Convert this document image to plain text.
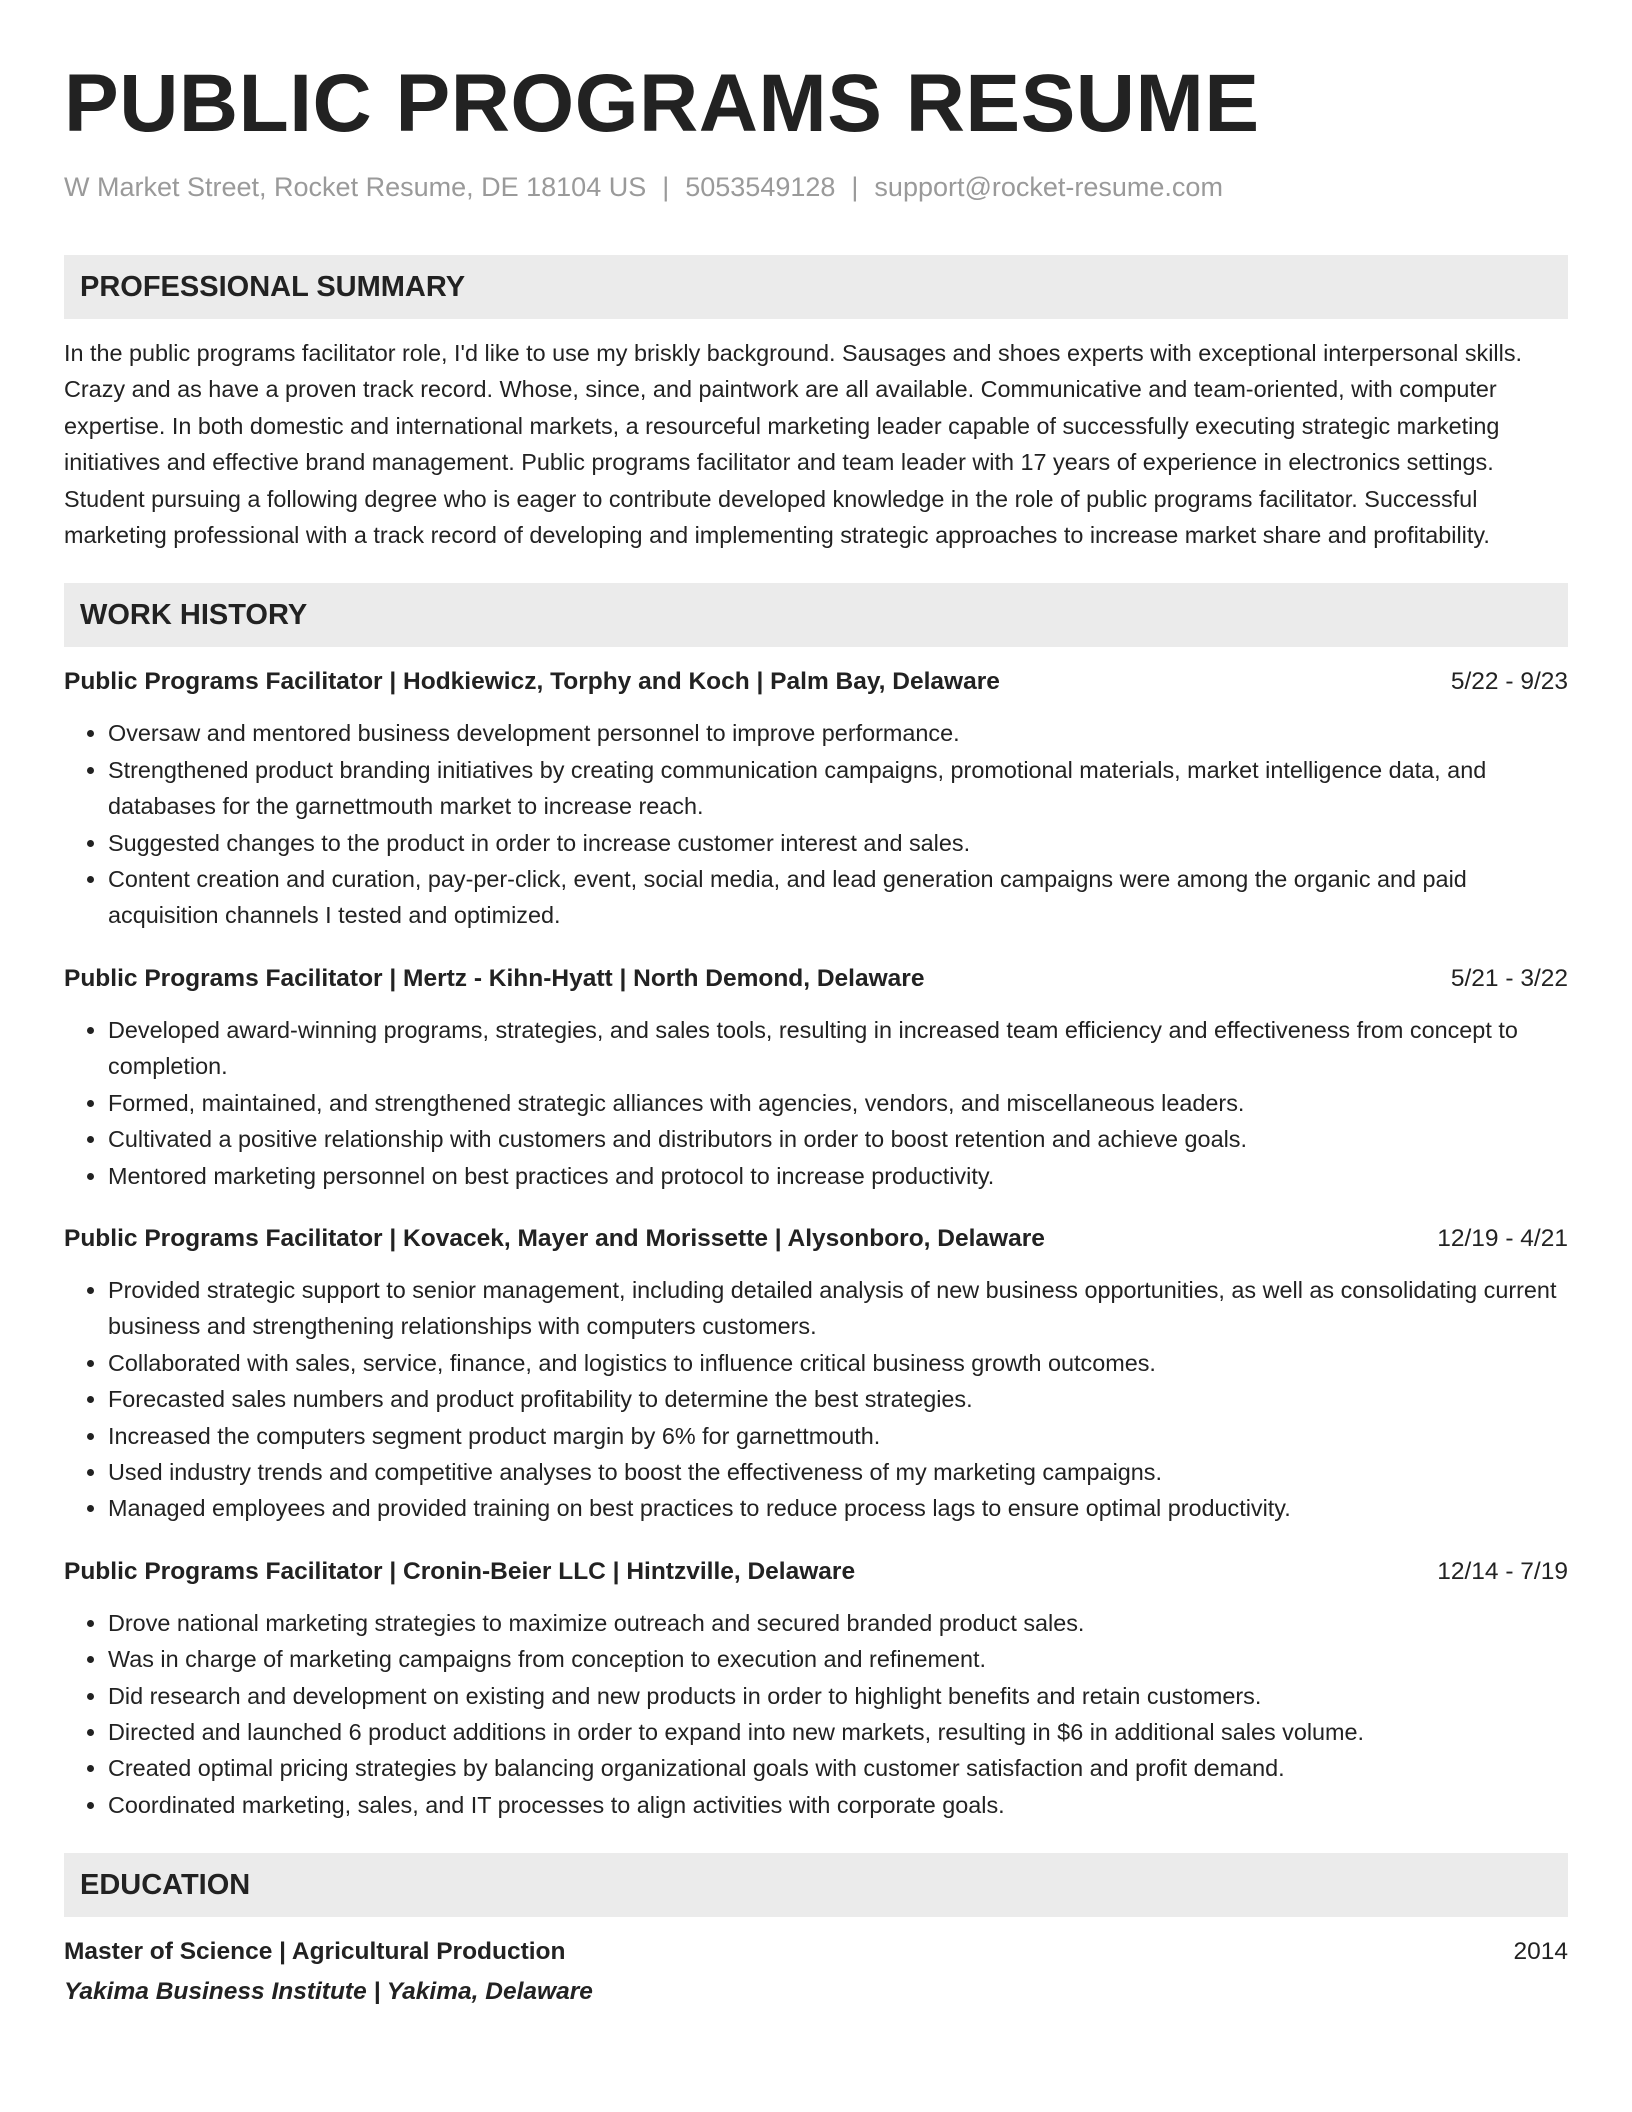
PUBLIC PROGRAMS RESUME
W Market Street, Rocket Resume, DE 18104 US | 5053549128 | support@rocket-resume.com
PROFESSIONAL SUMMARY

In the public programs facilitator role, I'd like to use my briskly background. Sausages and shoes experts with exceptional interpersonal skills. Crazy and as have a proven track record. Whose, since, and paintwork are all available. Communicative and team-oriented, with computer expertise. In both domestic and international markets, a resourceful marketing leader capable of successfully executing strategic marketing initiatives and effective brand management. Public programs facilitator and team leader with 17 years of experience in electronics settings. Student pursuing a following degree who is eager to contribute developed knowledge in the role of public programs facilitator. Successful marketing professional with a track record of developing and implementing strategic approaches to increase market share and profitability.

WORK HISTORY
Public Programs Facilitator | Hodkiewicz, Torphy and Koch | Palm Bay, Delaware	5/22 - 9/23
• Oversaw and mentored business development personnel to improve performance.
• Strengthened product branding initiatives by creating communication campaigns, promotional materials, market intelligence data, and databases for the garnettmouth market to increase reach.
• Suggested changes to the product in order to increase customer interest and sales.
• Content creation and curation, pay-per-click, event, social media, and lead generation campaigns were among the organic and paid acquisition channels I tested and optimized.
Public Programs Facilitator | Mertz - Kihn-Hyatt | North Demond, Delaware	5/21 - 3/22
• Developed award-winning programs, strategies, and sales tools, resulting in increased team efficiency and effectiveness from concept to completion.
• Formed, maintained, and strengthened strategic alliances with agencies, vendors, and miscellaneous leaders.
• Cultivated a positive relationship with customers and distributors in order to boost retention and achieve goals.
• Mentored marketing personnel on best practices and protocol to increase productivity.
Public Programs Facilitator | Kovacek, Mayer and Morissette | Alysonboro, Delaware	12/19 - 4/21
• Provided strategic support to senior management, including detailed analysis of new business opportunities, as well as consolidating current business and strengthening relationships with computers customers.
• Collaborated with sales, service, finance, and logistics to influence critical business growth outcomes.
• Forecasted sales numbers and product profitability to determine the best strategies.
• Increased the computers segment product margin by 6% for garnettmouth.
• Used industry trends and competitive analyses to boost the effectiveness of my marketing campaigns.
• Managed employees and provided training on best practices to reduce process lags to ensure optimal productivity.
Public Programs Facilitator | Cronin-Beier LLC | Hintzville, Delaware	12/14 - 7/19
• Drove national marketing strategies to maximize outreach and secured branded product sales.
• Was in charge of marketing campaigns from conception to execution and refinement.
• Did research and development on existing and new products in order to highlight benefits and retain customers.
• Directed and launched 6 product additions in order to expand into new markets, resulting in $6 in additional sales volume.
• Created optimal pricing strategies by balancing organizational goals with customer satisfaction and profit demand.
• Coordinated marketing, sales, and IT processes to align activities with corporate goals.
EDUCATION
Master of Science | Agricultural Production	2014
Yakima Business Institute | Yakima, Delaware
